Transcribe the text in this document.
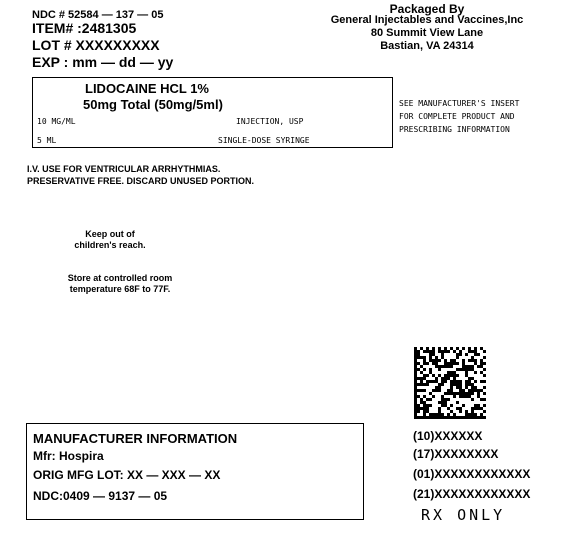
NDC # 52584 — 137 — 05
ITEM# :2481305
LOT # XXXXXXXXX
EXP : mm — dd — yy
Packaged By
General Injectables and Vaccines,Inc
80 Summit View Lane
Bastian, VA 24314
LIDOCAINE HCL 1%
50mg Total (50mg/5ml)
10 MG/ML	INJECTION, USP
5 ML	SINGLE-DOSE SYRINGE
SEE MANUFACTURER'S INSERT
FOR COMPLETE PRODUCT AND
PRESCRIBING INFORMATION
I.V. USE FOR VENTRICULAR ARRHYTHMIAS.
PRESERVATIVE FREE. DISCARD UNUSED PORTION.
Keep out of
children's reach.
Store at controlled room
temperature 68F to 77F.
MANUFACTURER INFORMATION
Mfr: Hospira
ORIG MFG LOT: XX — XXX — XX
NDC:0409 — 9137 — 05
(10)XXXXXX
(17)XXXXXXXX
(01)XXXXXXXXXXXX
(21)XXXXXXXXXXXX
RX ONLY
